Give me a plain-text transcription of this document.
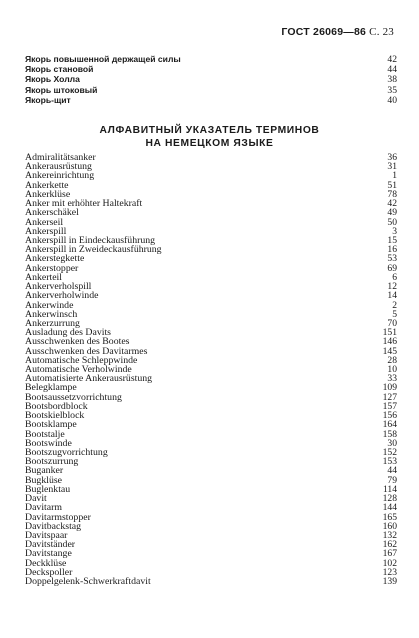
ГОСТ 26069—86 С. 23
Якорь повышенной держащей силы	42
Якорь становой	44
Якорь Холла	38
Якорь штоковый	35
Якорь-щит	40
АЛФАВИТНЫЙ УКАЗАТЕЛЬ ТЕРМИНОВ
НА НЕМЕЦКОМ ЯЗЫКЕ
Admiralitätsanker	36
Ankerausrüstung	31
Ankereinrichtung	1
Ankerkette	51
Ankerklüse	78
Anker mit erhöhter Haltekraft	42
Ankerschäkel	49
Ankerseil	50
Ankerspill	3
Ankerspill in Eindeckausführung	15
Ankerspill in Zweideckausführung	16
Ankerstegkette	53
Ankerstopper	69
Ankerteil	6
Ankerverholspill	12
Ankerverholwinde	14
Ankerwinde	2
Ankerwinsch	5
Ankerzurrung	70
Ausladung des Davits	151
Ausschwenken des Bootes	146
Ausschwenken des Davitarmes	145
Automatische Schleppwinde	28
Automatische Verholwinde	10
Automatisierte Ankerausrüstung	33
Belegklampe	109
Bootsaussetzvorrichtung	127
Bootsbordblock	157
Bootskielblock	156
Bootsklampe	164
Bootstalje	158
Bootswinde	30
Bootszugvorrichtung	152
Bootszurrung	153
Buganker	44
Bugklüse	79
Buglenktau	114
Davit	128
Davitarm	144
Davitarmstopper	165
Davitbackstag	160
Davitspaar	132
Davitständer	162
Davitstange	167
Deckklüse	102
Deckspoller	123
Doppelgelenk-Schwerkraftdavit	139
